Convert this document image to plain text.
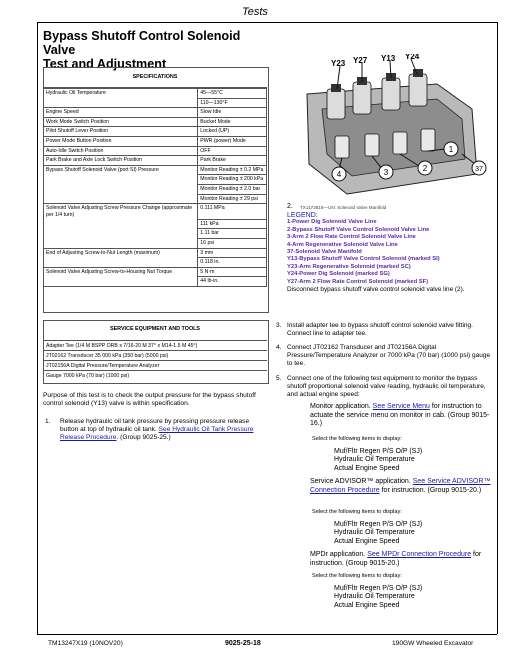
Tests
Bypass Shutoff Control Solenoid Valve
Test and Adjustment
SPECIFICATIONS
Hydraulic Oil Temperature	45—55°C
	110—130°F
Engine Speed	Slow Idle
Work Mode Switch Position	Bucket Mode
Pilot Shutoff Lever Position	Locked (UP)
Power Mode Button Position	PWR (power) Mode
Auto-Idle Switch Position	OFF
Park Brake and Axle Lock Switch Position	Park Brake
Bypass Shutoff Solenoid Valve (port SI) Pressure	Monitor Reading ± 0.2 MPa
	Monitor Reading ± 200 kPa
	Monitor Reading ± 2.0 bar
	Monitor Reading ± 29 psi
Solenoid Valve Adjusting Screw Pressure Change (approximate per 1/4 turn)	0.111 MPa
	111 kPa
	1.11 bar
	16 psi
End of Adjusting Screw-to-Nut Length (maximum)	3 mm
	0.118 in.
Solenoid Valve Adjusting Screw-to-Housing Nut Torque	5 N·m
	44 lb-in.
SERVICE EQUIPMENT AND TOOLS
Adapter Tee (1/4 M BSPP ORB x 7/16-20 M 37° x M14-1.5 M 45°)
JT02162 Transducer 35 000 kPa (350 bar) (5000 psi)
JT02156A Digital Pressure/Temperature Analyzer
Gauge 7000 kPa (70 bar) (1000 psi)
Purpose of this test is to check the output pressure for the bypass shutoff control solenoid (Y13) valve is within specification.
1.	Release hydraulic oil tank pressure by pressing pressure release button at top of hydraulic oil tank. See Hydraulic Oil Tank Pressure Release Procedure. (Group 9025-25.)
Y23 Y27 Y13 Y24
1
2
3
4
37
2. TX1172818—UN: Solenoid Valve Manifold
LEGEND:
1-Power Dig Solenoid Valve Line
2-Bypass Shutoff Valve Control Solenoid Valve Line
3-Arm 2 Flow Rate Control Solenoid Valve Line
4-Arm Regenerative Solenoid Valve Line
37-Solenoid Valve Manifold
Y13-Bypass Shutoff Valve Control Solenoid (marked SI)
Y23-Arm Regenerative Solenoid (marked SC)
Y24-Power Dig Solenoid (marked SG)
Y27-Arm 2 Flow Rate Control Solenoid (marked SF)
Disconnect bypass shutoff valve control solenoid valve line (2).
3. Install adapter tee to bypass shutoff control solenoid valve fitting. Connect line to adapter tee.
4. Connect JT02162 Transducer and JT02156A Digital Pressure/Temperature Analyzer or 7000 kPa (70 bar) (1000 psi) gauge to tee.
5. Connect one of the following test equipment to monitor the bypass shutoff proportional solenoid valve reading, hydraulic oil temperature, and actual engine speed:
Monitor application. See Service Menu for instruction to actuate the service menu on monitor in cab. (Group 9015-16.)
Select the following items to display:
Muf/Fltr Regen P/S O/P (SJ)
Hydraulic Oil Temperature
Actual Engine Speed
Service ADVISOR™ application. See Service ADVISOR™ Connection Procedure for instruction. (Group 9015-20.)
Select the following items to display:
Muf/Fltr Regen P/S O/P (SJ)
Hydraulic Oil Temperature
Actual Engine Speed
MPDr application. See MPDr Connection Procedure for instruction. (Group 9015-20.)
Select the following items to display:
Muf/Fltr Regen P/S O/P (SJ)
Hydraulic Oil Temperature
Actual Engine Speed
TM13247X19 (10NOV20)	9025-25-18	190GW Wheeled Excavator
